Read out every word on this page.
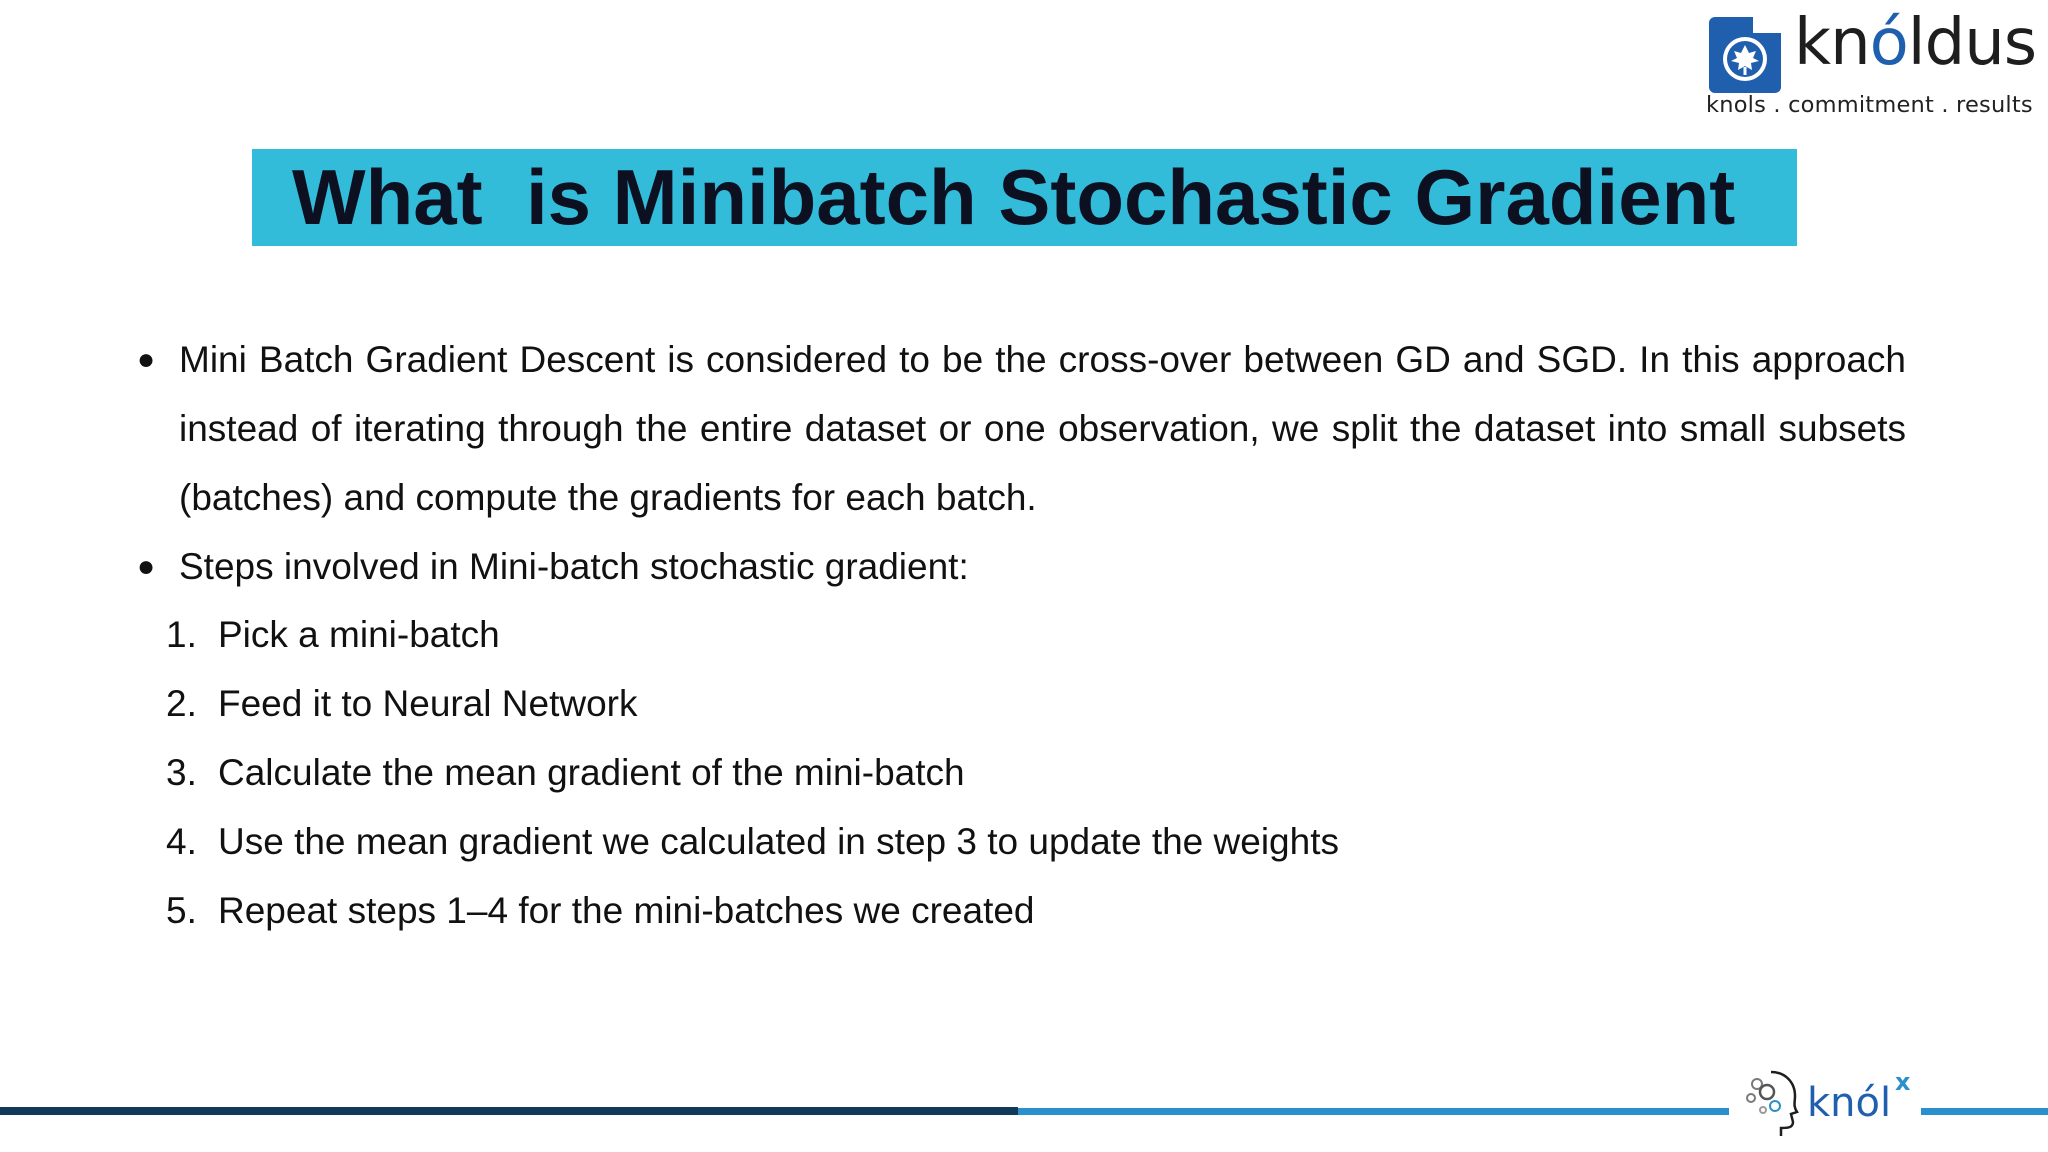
knóldus
knols . commitment . results
What  is Minibatch Stochastic Gradient
● Mini Batch Gradient Descent is considered to be the cross-over between GD and SGD. In this approach instead of iterating through the entire dataset or one observation, we split the dataset into small subsets (batches) and compute the gradients for each batch.
● Steps involved in Mini-batch stochastic gradient:
1. Pick a mini-batch
2. Feed it to Neural Network
3. Calculate the mean gradient of the mini-batch
4. Use the mean gradient we calculated in step 3 to update the weights
5. Repeat steps 1–4 for the mini-batches we created
knól x
